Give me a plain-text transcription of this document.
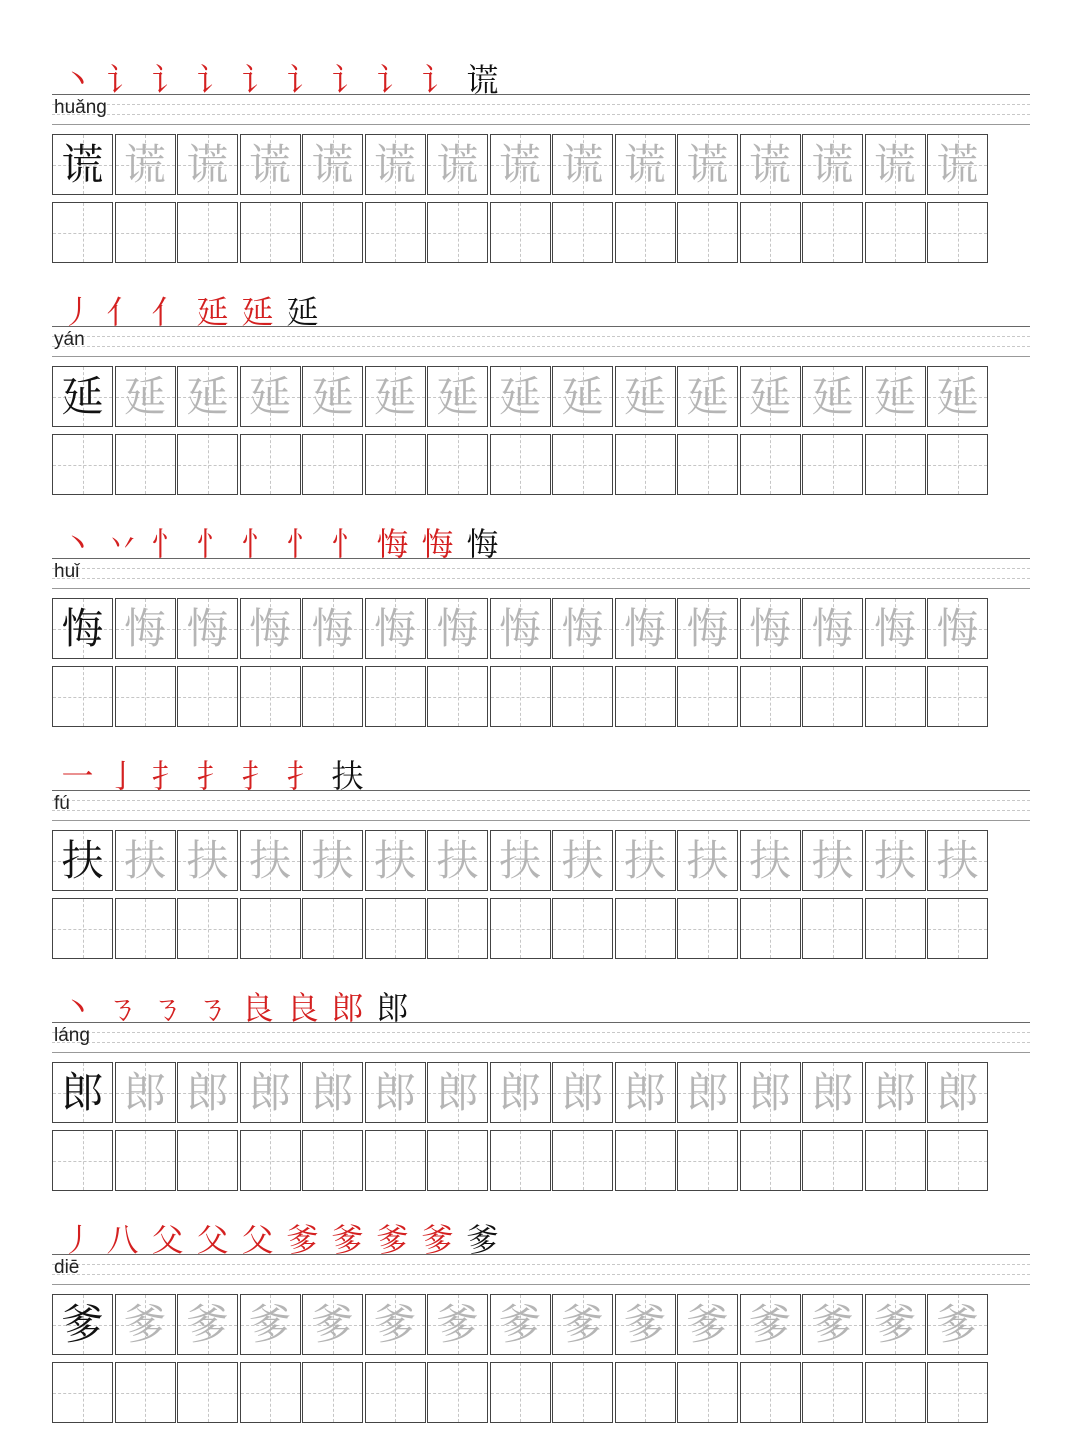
丶 讠 讠 讠 讠 讠 讠 讠 讠 谎
huǎng
谎 谎 谎 谎 谎 谎 谎 谎 谎 谎 谎 谎 谎 谎 谎
丿 亻 亻 延 延 延
yán
延 延 延 延 延 延 延 延 延 延 延 延 延 延 延
丶 丷 忄 忄 忄 忄 忄 悔 悔 悔
huǐ
悔 悔 悔 悔 悔 悔 悔 悔 悔 悔 悔 悔 悔 悔 悔
一 亅 扌 扌 扌 扌 扶
fú
扶 扶 扶 扶 扶 扶 扶 扶 扶 扶 扶 扶 扶 扶 扶
丶 ㄋ ㄋ ㄋ 良 良 郎 郎
láng
郎 郎 郎 郎 郎 郎 郎 郎 郎 郎 郎 郎 郎 郎 郎
丿 八 父 父 父 爹 爹 爹 爹 爹
diē
爹 爹 爹 爹 爹 爹 爹 爹 爹 爹 爹 爹 爹 爹 爹
